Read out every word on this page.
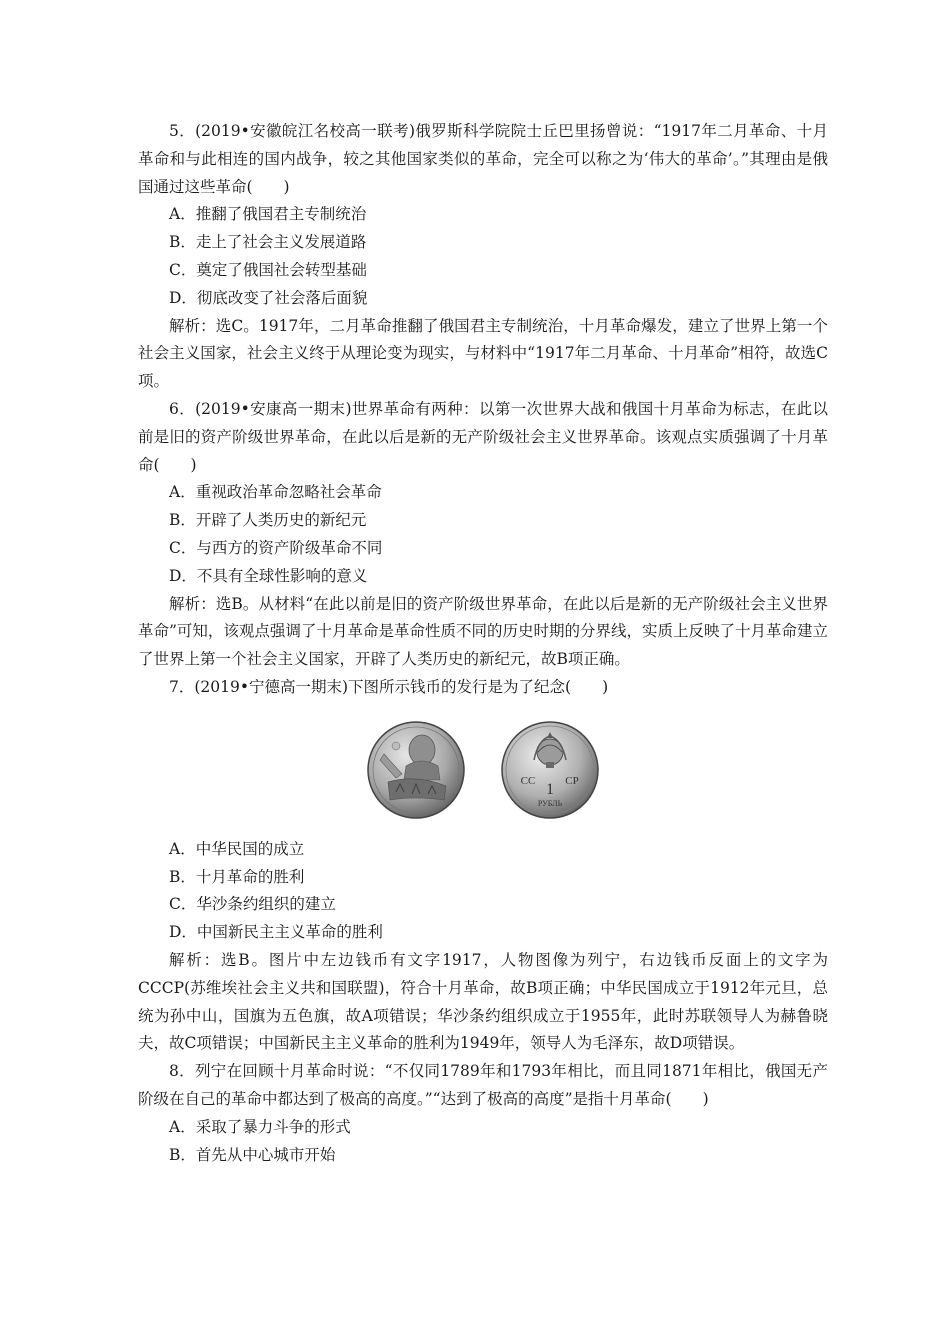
5．(2019•安徽皖江名校高一联考)俄罗斯科学院院士丘巴里扬曾说：“1917年二月革命、十月革命和与此相连的国内战争，较之其他国家类似的革命，完全可以称之为‘伟大的革命’。”其理由是俄国通过这些革命(　　)

A．推翻了俄国君主专制统治

B．走上了社会主义发展道路

C．奠定了俄国社会转型基础

D．彻底改变了社会落后面貌

解析：选C。1917年，二月革命推翻了俄国君主专制统治，十月革命爆发，建立了世界上第一个社会主义国家，社会主义终于从理论变为现实，与材料中“1917年二月革命、十月革命”相符，故选C项。

6．(2019•安康高一期末)世界革命有两种：以第一次世界大战和俄国十月革命为标志，在此以前是旧的资产阶级世界革命，在此以后是新的无产阶级社会主义世界革命。该观点实质强调了十月革命(　　)

A．重视政治革命忽略社会革命

B．开辟了人类历史的新纪元

C．与西方的资产阶级革命不同

D．不具有全球性影响的意义

解析：选B。从材料“在此以前是旧的资产阶级世界革命，在此以后是新的无产阶级社会主义世界革命”可知，该观点强调了十月革命是革命性质不同的历史时期的分界线，实质上反映了十月革命建立了世界上第一个社会主义国家，开辟了人类历史的新纪元，故B项正确。

7．(2019•宁德高一期末)下图所示钱币的发行是为了纪念(　　)

СС	СР
1
РУБЛЬ

A．中华民国的成立

B．十月革命的胜利

C．华沙条约组织的建立

D．中国新民主主义革命的胜利

解析：选B。图片中左边钱币有文字1917，人物图像为列宁，右边钱币反面上的文字为CCCP(苏维埃社会主义共和国联盟)，符合十月革命，故B项正确；中华民国成立于1912年元旦，总统为孙中山，国旗为五色旗，故A项错误；华沙条约组织成立于1955年，此时苏联领导人为赫鲁晓夫，故C项错误；中国新民主主义革命的胜利为1949年，领导人为毛泽东，故D项错误。

8．列宁在回顾十月革命时说：“不仅同1789年和1793年相比，而且同1871年相比，俄国无产阶级在自己的革命中都达到了极高的高度。”“达到了极高的高度”是指十月革命(　　)

A．采取了暴力斗争的形式

B．首先从中心城市开始
